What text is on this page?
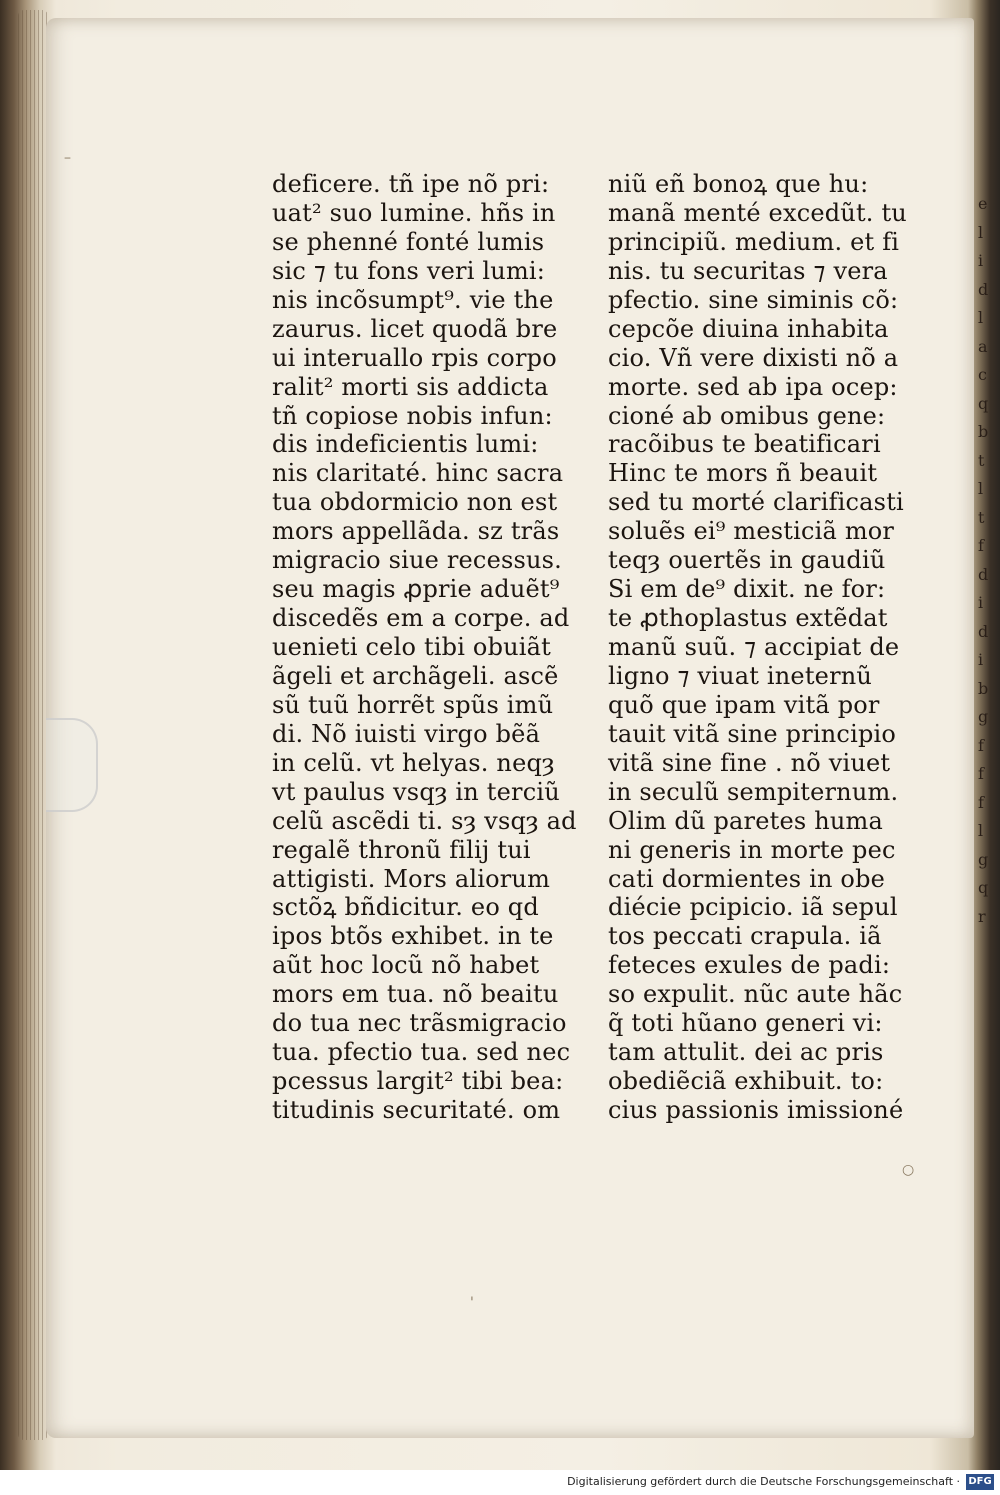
–
'
○
deficere. tñ ipe nõ pri:
uat² suo lumine. hñs in
se phenné fonté lumis
sic ⁊ tu fons veri lumi:
nis incõsumpt⁹. vie the
zaurus. licet quodã bre
ui interuallo rpis corpo
ralit² morti sis addicta
tñ copiose nobis infun:
dis indeficientis lumi:
nis claritaté. hinc sacra
tua obdormicio non est
mors appellãda. sz trãs
migracio siue recessus.
seu magis ꝓprie aduẽt⁹
discedẽs em a corpe. ad
uenieti celo tibi obuiãt
ãgeli et archãgeli. ascẽ
sũ tuũ horrẽt spũs imũ
di. Nõ iuisti virgo bẽã
in celũ. vt helyas. neqȝ
vt paulus vsqȝ in terciũ
celũ ascẽdi ti. sȝ vsqȝ ad
regalẽ thronũ filij tui
attigisti. Mors aliorum
sctõꝝ bñdicitur. eo qd
ipos btõs exhibet. in te
aũt hoc locũ nõ habet
mors em tua. nõ beaitu
do tua nec trãsmigracio
tua. pfectio tua. sed nec
pcessus largit² tibi bea:
titudinis securitaté. om
niũ eñ bonoꝝ que hu:
manã menté excedũt. tu
principiũ. medium. et fi
nis. tu securitas ⁊ vera
pfectio. sine siminis cõ:
cepcõe diuina inhabita
cio. Vñ vere dixisti nõ a
morte. sed ab ipa ocep:
cioné ab omibus gene:
racõibus te beatificari
Hinc te mors ñ beauit
sed tu morté clarificasti
soluẽs ei⁹ mesticiã mor
teqȝ ouertẽs in gaudiũ
Si em de⁹ dixit. ne for:
te ꝓthoplastus extẽdat
manũ suũ. ⁊ accipiat de
ligno ⁊ viuat ineternũ
quõ que ipam vitã por
tauit vitã sine principio
vitã sine fine . nõ viuet
in seculũ sempiternum.
Olim dũ paretes huma
ni generis in morte pec
cati dormientes in obe
diécie pcipicio. iã sepul
tos peccati crapula. iã
feteces exules de padi:
so expulit. nũc aute hãc
q̃ toti hũano generi vi:
tam attulit. dei ac pris
obediẽciã exhibuit. to:
cius passionis imissioné
e
l
i
d
l
a
c
q
b
t
l
t
f
d
i
d
i
b
g
f
f
f
l
g
q
r
Digitalisierung gefördert durch die Deutsche Forschungsgemeinschaft · DFG
